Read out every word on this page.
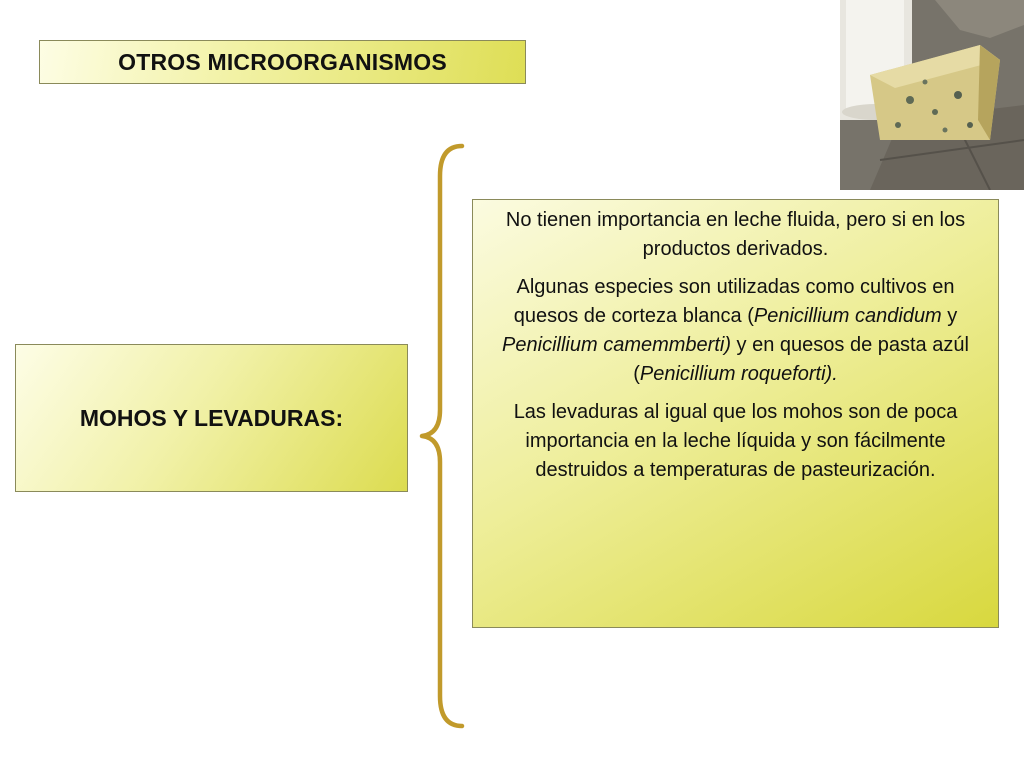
OTROS MICROORGANISMOS
MOHOS Y LEVADURAS:

No tienen importancia en leche fluida, pero si en los productos derivados.

Algunas especies son utilizadas como cultivos en quesos de corteza blanca (Penicillium candidum y Penicillium camemmberti) y en quesos de pasta azúl (Penicillium roqueforti).

Las levaduras al igual que los mohos son de poca importancia en la leche líquida y son fácilmente destruidos a temperaturas de pasteurización.
